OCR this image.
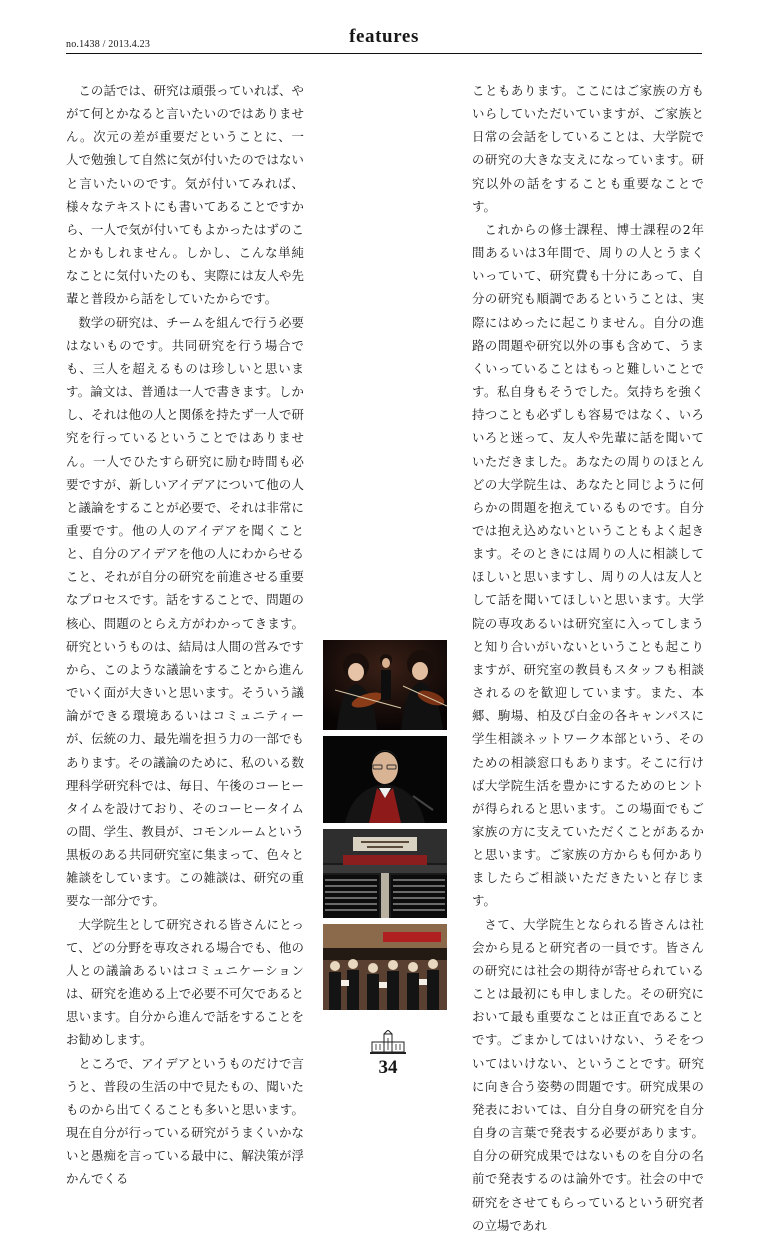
no.1438 / 2013.4.23	features

この話では、研究は頑張っていれば、やがて何とかなると言いたいのではありません。次元の差が重要だということに、一人で勉強して自然に気が付いたのではないと言いたいのです。気が付いてみれば、様々なテキストにも書いてあることですから、一人で気が付いてもよかったはずのことかもしれません。しかし、こんな単純なことに気付いたのも、実際には友人や先輩と普段から話をしていたからです。

数学の研究は、チームを組んで行う必要はないものです。共同研究を行う場合でも、三人を超えるものは珍しいと思います。論文は、普通は一人で書きます。しかし、それは他の人と関係を持たず一人で研究を行っているということではありません。一人でひたすら研究に励む時間も必要ですが、新しいアイデアについて他の人と議論をすることが必要で、それは非常に重要です。他の人のアイデアを聞くことと、自分のアイデアを他の人にわからせること、それが自分の研究を前進させる重要なプロセスです。話をすることで、問題の核心、問題のとらえ方がわかってきます。研究というものは、結局は人間の営みですから、このような議論をすることから進んでいく面が大きいと思います。そういう議論ができる環境あるいはコミュニティーが、伝統の力、最先端を担う力の一部でもあります。その議論のために、私のいる数理科学研究科では、毎日、午後のコーヒータイムを設けており、そのコーヒータイムの間、学生、教員が、コモンルームという黒板のある共同研究室に集まって、色々と雑談をしています。この雑談は、研究の重要な一部分です。

大学院生として研究される皆さんにとって、どの分野を専攻される場合でも、他の人との議論あるいはコミュニケーションは、研究を進める上で必要不可欠であると思います。自分から進んで話をすることをお勧めします。

ところで、アイデアというものだけで言うと、普段の生活の中で見たもの、聞いたものから出てくることも多いと思います。現在自分が行っている研究がうまくいかないと愚痴を言っている最中に、解決策が浮かんでくる

こともあります。ここにはご家族の方もいらしていただいていますが、ご家族と日常の会話をしていることは、大学院での研究の大きな支えになっています。研究以外の話をすることも重要なことです。

これからの修士課程、博士課程の2年間あるいは3年間で、周りの人とうまくいっていて、研究費も十分にあって、自分の研究も順調であるということは、実際にはめったに起こりません。自分の進路の問題や研究以外の事も含めて、うまくいっていることはもっと難しいことです。私自身もそうでした。気持ちを強く持つことも必ずしも容易ではなく、いろいろと迷って、友人や先輩に話を聞いていただきました。あなたの周りのほとんどの大学院生は、あなたと同じように何らかの問題を抱えているものです。自分では抱え込めないということもよく起きます。そのときには周りの人に相談してほしいと思いますし、周りの人は友人として話を聞いてほしいと思います。大学院の専攻あるいは研究室に入ってしまうと知り合いがいないということも起こりますが、研究室の教員もスタッフも相談されるのを歓迎しています。また、本郷、駒場、柏及び白金の各キャンパスに学生相談ネットワーク本部という、そのための相談窓口もあります。そこに行けば大学院生活を豊かにするためのヒントが得られると思います。この場面でもご家族の方に支えていただくことがあるかと思います。ご家族の方からも何かありましたらご相談いただきたいと存じます。

さて、大学院生となられる皆さんは社会から見ると研究者の一員です。皆さんの研究には社会の期待が寄せられていることは最初にも申しました。その研究において最も重要なことは正直であることです。ごまかしてはいけない、うそをついてはいけない、ということです。研究に向き合う姿勢の問題です。研究成果の発表においては、自分自身の研究を自分自身の言葉で発表する必要があります。自分の研究成果ではないものを自分の名前で発表するのは論外です。社会の中で研究をさせてもらっているという研究者の立場であれ

34
